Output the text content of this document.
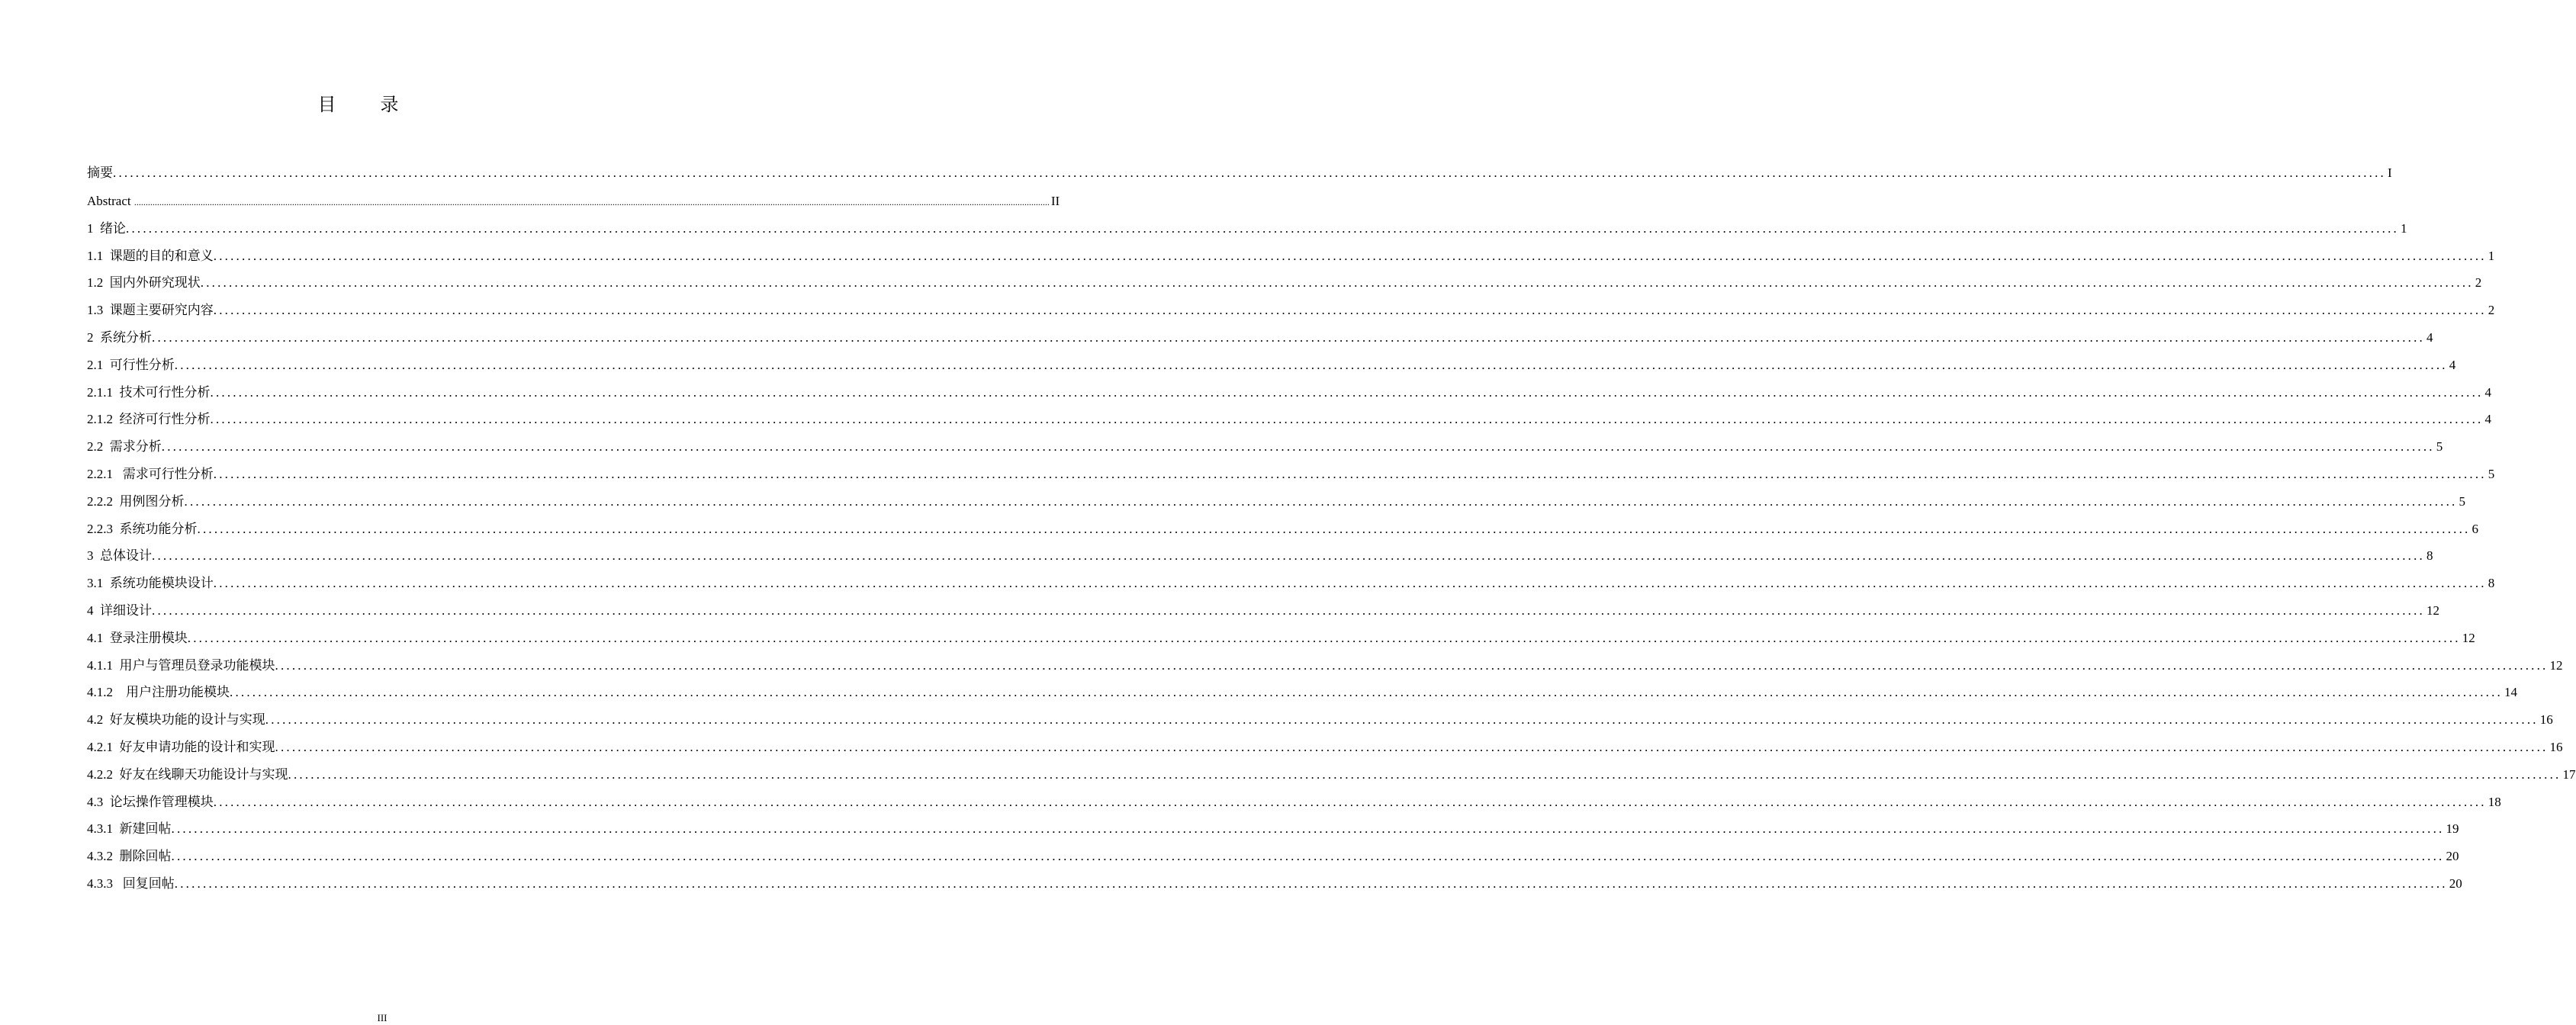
目 录
摘要 ................................................................................................................................................................................................................................................................................................................................................................................................................ I
Abstract ................................................................................................................................................................................................................................................................................................................................................................................................................ II
1  绪论 ................................................................................................................................................................................................................................................................................................................................................................................................................ 1
1.1  课题的目的和意义 ................................................................................................................................................................................................................................................................................................................................................................................................................ 1
1.2  国内外研究现状 ................................................................................................................................................................................................................................................................................................................................................................................................................ 2
1.3  课题主要研究内容 ................................................................................................................................................................................................................................................................................................................................................................................................................ 2
2  系统分析 ................................................................................................................................................................................................................................................................................................................................................................................................................ 4
2.1  可行性分析 ................................................................................................................................................................................................................................................................................................................................................................................................................ 4
2.1.1  技术可行性分析 ................................................................................................................................................................................................................................................................................................................................................................................................................ 4
2.1.2  经济可行性分析 ................................................................................................................................................................................................................................................................................................................................................................................................................ 4
2.2  需求分析 ................................................................................................................................................................................................................................................................................................................................................................................................................ 5
2.2.1   需求可行性分析 ................................................................................................................................................................................................................................................................................................................................................................................................................ 5
2.2.2  用例图分析 ................................................................................................................................................................................................................................................................................................................................................................................................................ 5
2.2.3  系统功能分析 ................................................................................................................................................................................................................................................................................................................................................................................................................ 6
3  总体设计 ................................................................................................................................................................................................................................................................................................................................................................................................................ 8
3.1  系统功能模块设计 ................................................................................................................................................................................................................................................................................................................................................................................................................ 8
4  详细设计 ................................................................................................................................................................................................................................................................................................................................................................................................................ 12
4.1  登录注册模块 ................................................................................................................................................................................................................................................................................................................................................................................................................ 12
4.1.1  用户与管理员登录功能模块 ................................................................................................................................................................................................................................................................................................................................................................................................................ 12
4.1.2    用户注册功能模块 ................................................................................................................................................................................................................................................................................................................................................................................................................ 14
4.2  好友模块功能的设计与实现 ................................................................................................................................................................................................................................................................................................................................................................................................................ 16
4.2.1  好友申请功能的设计和实现 ................................................................................................................................................................................................................................................................................................................................................................................................................ 16
4.2.2  好友在线聊天功能设计与实现 ................................................................................................................................................................................................................................................................................................................................................................................................................ 17
4.3  论坛操作管理模块 ................................................................................................................................................................................................................................................................................................................................................................................................................ 18
4.3.1  新建回帖 ................................................................................................................................................................................................................................................................................................................................................................................................................ 19
4.3.2  删除回帖 ................................................................................................................................................................................................................................................................................................................................................................................................................ 20
4.3.3   回复回帖 ................................................................................................................................................................................................................................................................................................................................................................................................................ 20
III
